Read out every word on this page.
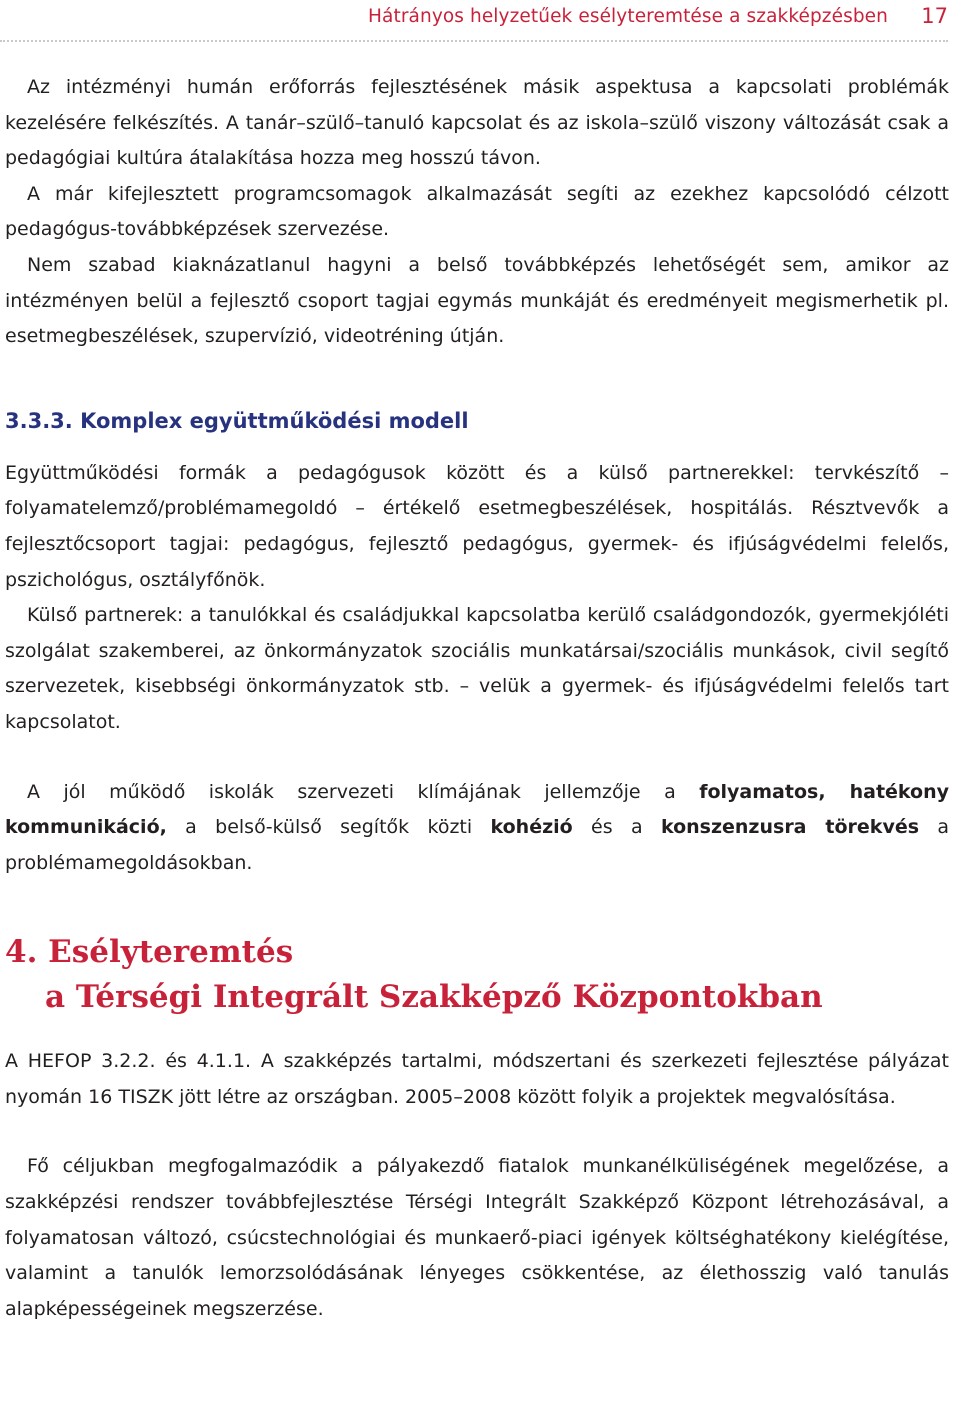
Hátrányos helyzetűek esélyteremtése a szakképzésben 17

Az intézményi humán erőforrás fejlesztésének másik aspektusa a kapcsolati problémák kezelésére felkészítés. A tanár–szülő–tanuló kapcsolat és az iskola–szülő viszony változását csak a pedagógiai kultúra átalakítása hozza meg hosszú távon.

A már kifejlesztett programcsomagok alkalmazását segíti az ezekhez kapcsolódó célzott pedagógus-továbbképzések szervezése.

Nem szabad kiaknázatlanul hagyni a belső továbbképzés lehetőségét sem, amikor az intézményen belül a fejlesztő csoport tagjai egymás munkáját és eredményeit megismerhetik pl. esetmegbeszélések, szupervízió, videotréning útján.

3.3.3. Komplex együttműködési modell

Együttműködési formák a pedagógusok között és a külső partnerekkel: tervkészítő – folyamatelemző/problémamegoldó – értékelő esetmegbeszélések, hospitálás. Résztvevők a fejlesztőcsoport tagjai: pedagógus, fejlesztő pedagógus, gyermek- és ifjúságvédelmi felelős, pszichológus, osztályfőnök.

Külső partnerek: a tanulókkal és családjukkal kapcsolatba kerülő családgondozók, gyermekjóléti szolgálat szakemberei, az önkormányzatok szociális munkatársai/szociális munkások, civil segítő szervezetek, kisebbségi önkormányzatok stb. – velük a gyermek- és ifjúságvédelmi felelős tart kapcsolatot.

A jól működő iskolák szervezeti klímájának jellemzője a folyamatos, hatékony kommunikáció, a belső-külső segítők közti kohézió és a konszenzusra törekvés a problémamegoldásokban.

4. Esélyteremtés
a Térségi Integrált Szakképző Központokban

A HEFOP 3.2.2. és 4.1.1. A szakképzés tartalmi, módszertani és szerkezeti fejlesztése pályázat nyomán 16 TISZK jött létre az országban. 2005–2008 között folyik a projektek megvalósítása.

Fő céljukban megfogalmazódik a pályakezdő fiatalok munkanélküliségének megelőzése, a szakképzési rendszer továbbfejlesztése Térségi Integrált Szakképző Központ létrehozásával, a folyamatosan változó, csúcstechnológiai és munkaerő-piaci igények költséghatékony kielégítése, valamint a tanulók lemorzsolódásának lényeges csökkentése, az élethosszig való tanulás alapképességeinek megszerzése.
